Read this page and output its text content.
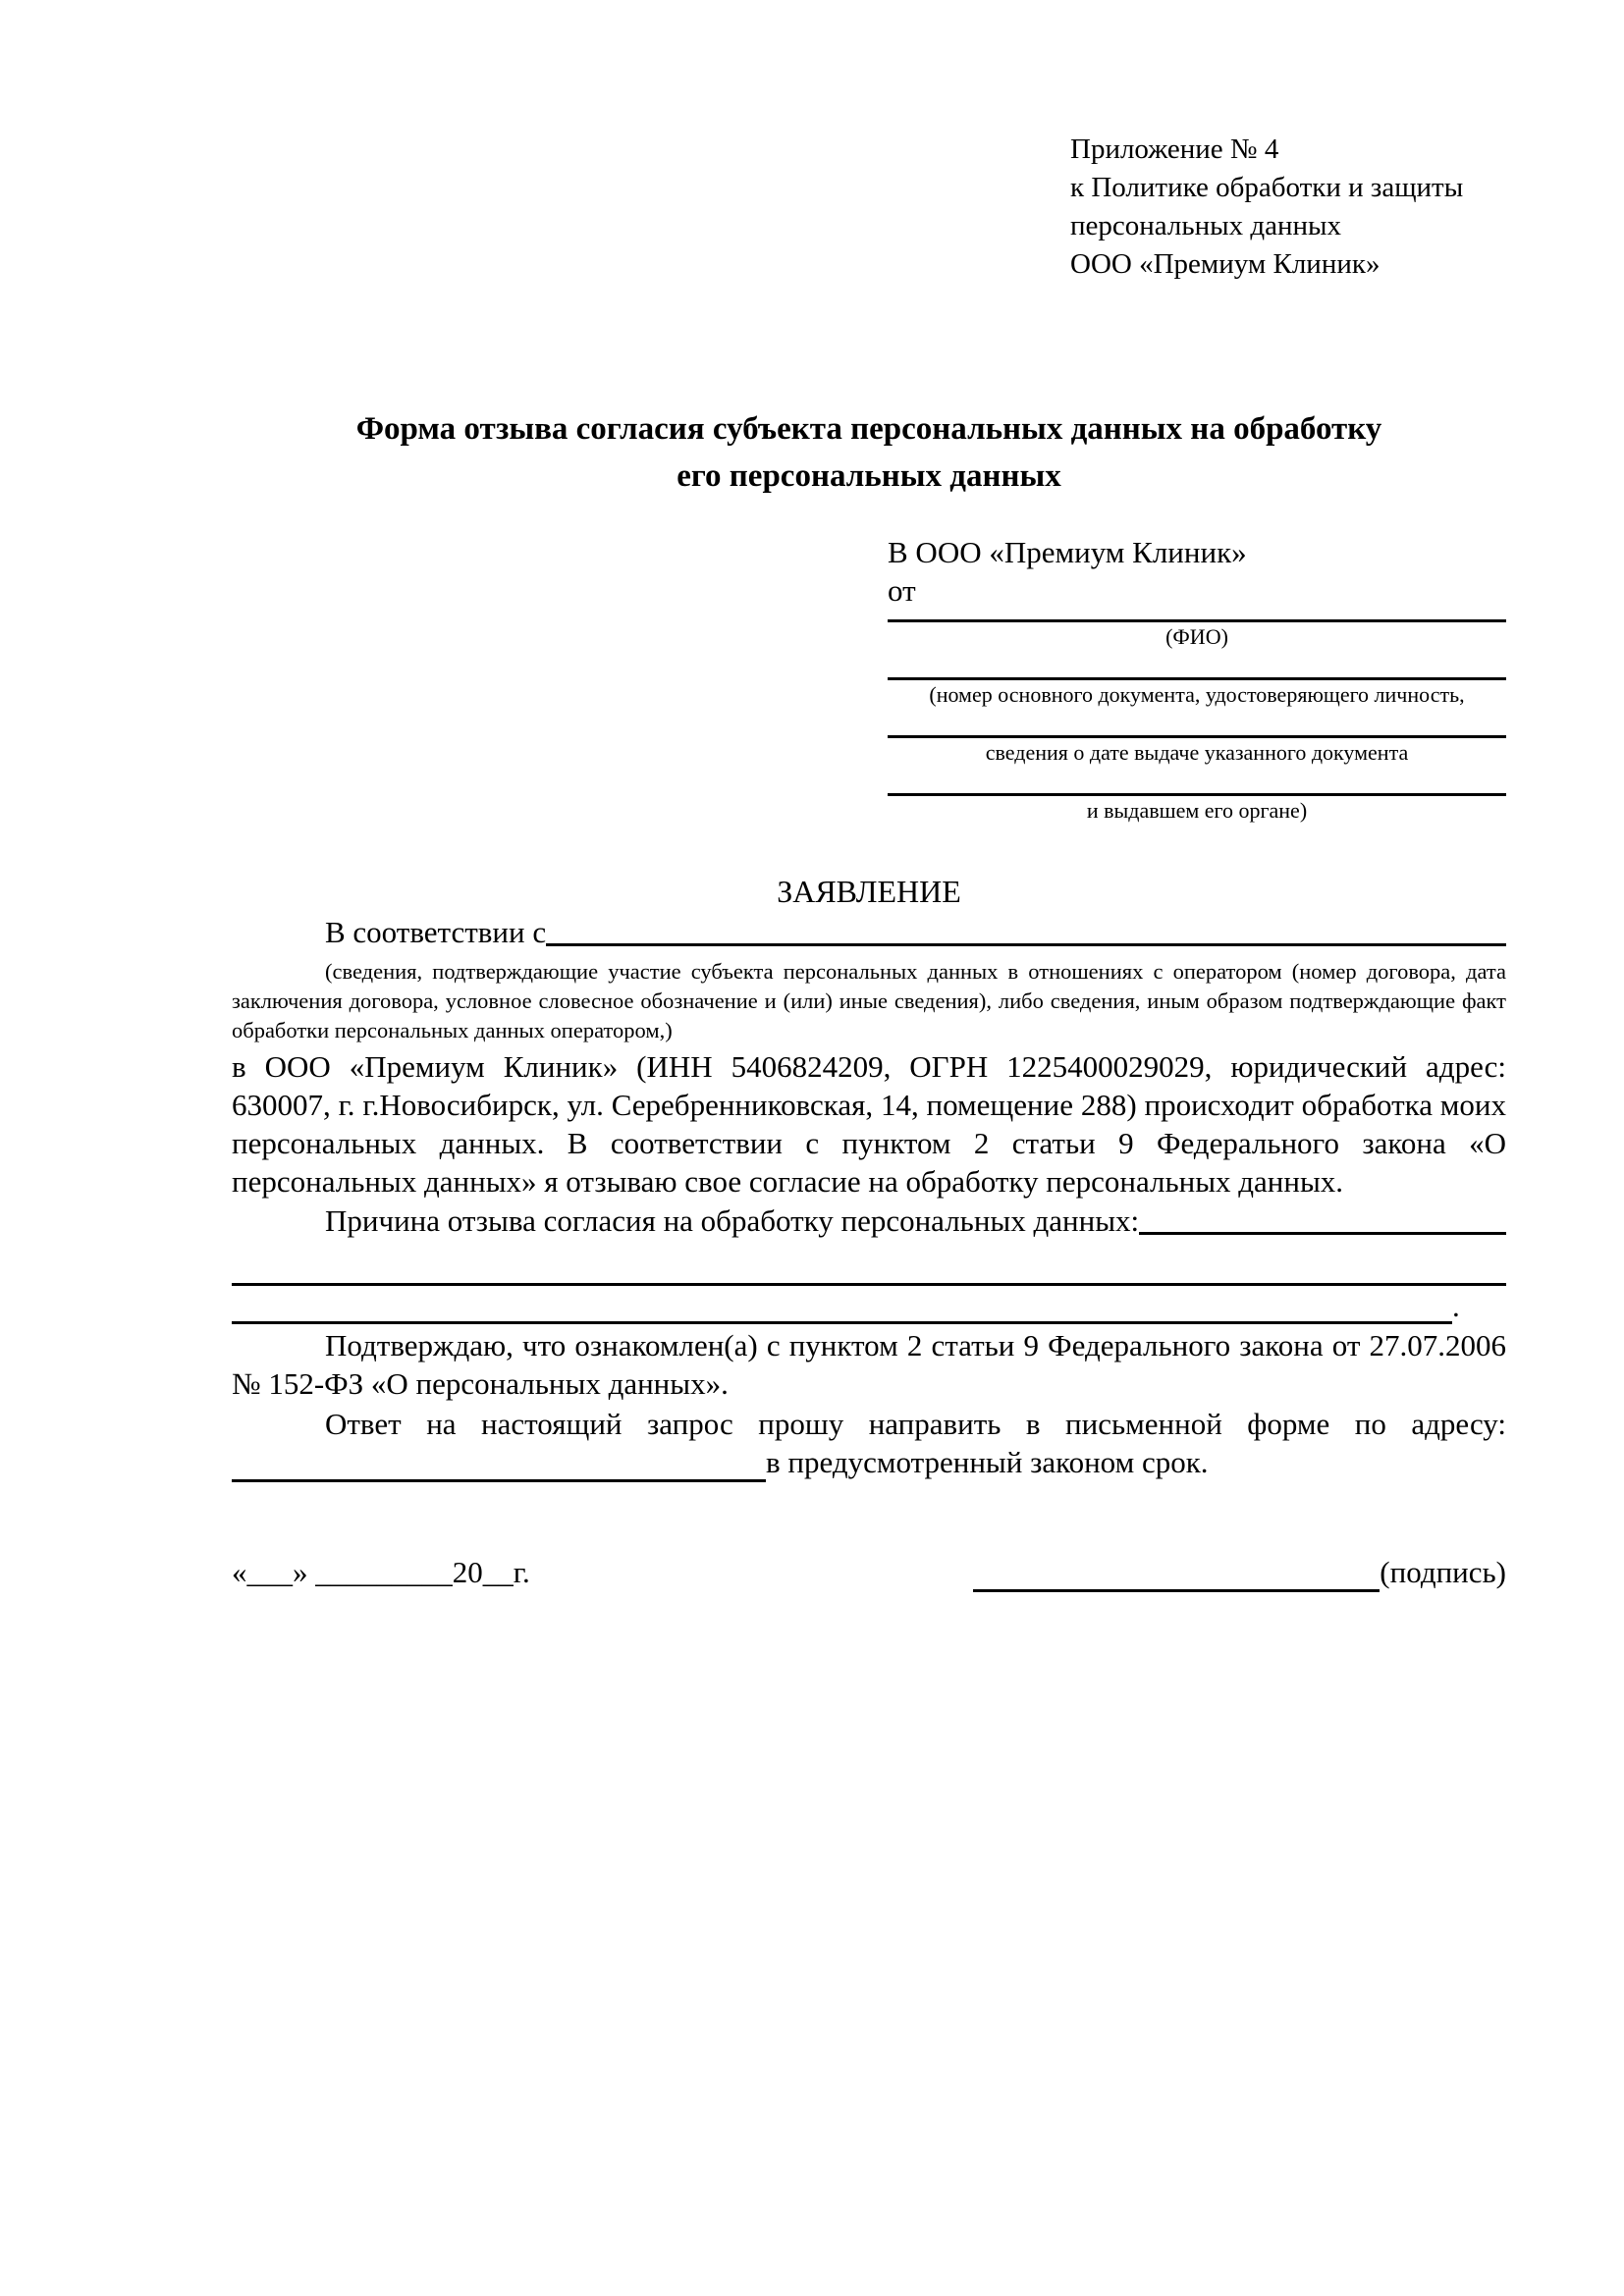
Приложение № 4
к Политике обработки и защиты
персональных данных
ООО «Премиум Клиник»
Форма отзыва согласия субъекта персональных данных на обработку
его персональных данных
В ООО «Премиум Клиник»
от
(ФИО)
(номер основного документа, удостоверяющего личность,
сведения о дате выдаче указанного документа
и выдавшем его органе)
ЗАЯВЛЕНИЕ
В соответствии с

(сведения, подтверждающие участие субъекта персональных данных в отношениях с оператором (номер договора, дата заключения договора, условное словесное обозначение и (или) иные сведения), либо сведения, иным образом подтверждающие факт обработки персональных данных оператором,)

в ООО «Премиум Клиник» (ИНН 5406824209, ОГРН 1225400029029, юридический адрес: 630007, г. г.Новосибирск, ул. Серебренниковская, 14, помещение 288) происходит обработка моих персональных данных. В соответствии с пунктом 2 статьи 9 Федерального закона «О персональных данных» я отзываю свое согласие на обработку персональных данных.

Причина отзыва согласия на обработку персональных данных:
.

Подтверждаю, что ознакомлен(а) с пунктом 2 статьи 9 Федерального закона от 27.07.2006 № 152-ФЗ «О персональных данных».

Ответ на настоящий запрос прошу направить в письменной форме по адресу:

в предусмотренный законом срок.
«___» _________20__г.	(подпись)
